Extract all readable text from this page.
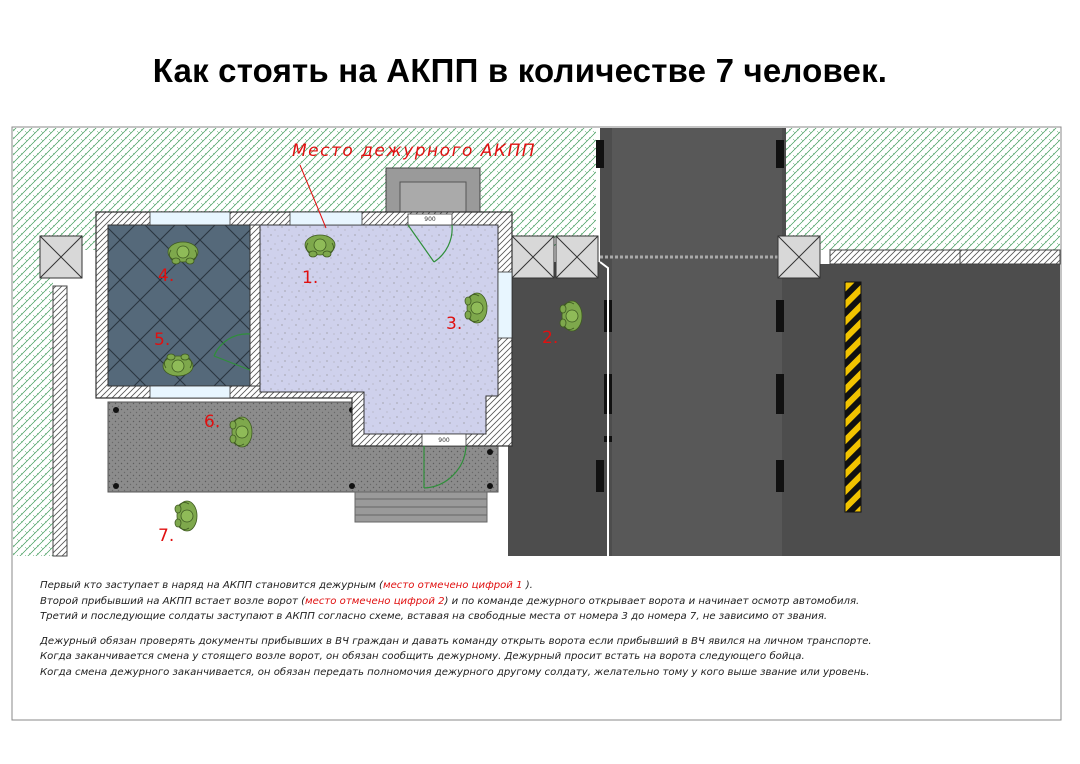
Как стоять на АКПП в количестве 7 человек.
900
900
Место дежурного АКПП
1.
2.
3.
4.
5.
6.
7.

Первый кто заступает в наряд на АКПП становится дежурным (место отмечено цифрой 1 ).

Второй прибывший на АКПП встает возле ворот (место отмечено цифрой 2) и по команде дежурного открывает ворота и начинает осмотр автомобиля.

Третий и последующие солдаты заступают в АКПП согласно схеме, вставая на свободные места от номера 3 до номера 7, не зависимо от звания.

Дежурный обязан проверять документы прибывших в ВЧ граждан и давать команду открыть ворота если прибывший в ВЧ явился на личном транспорте.

Когда заканчивается смена у стоящего возле ворот, он обязан сообщить дежурному. Дежурный просит встать на ворота следующего бойца.

Когда смена дежурного заканчивается, он обязан передать полномочия дежурного другому солдату, желательно тому у кого выше звание или уровень.
